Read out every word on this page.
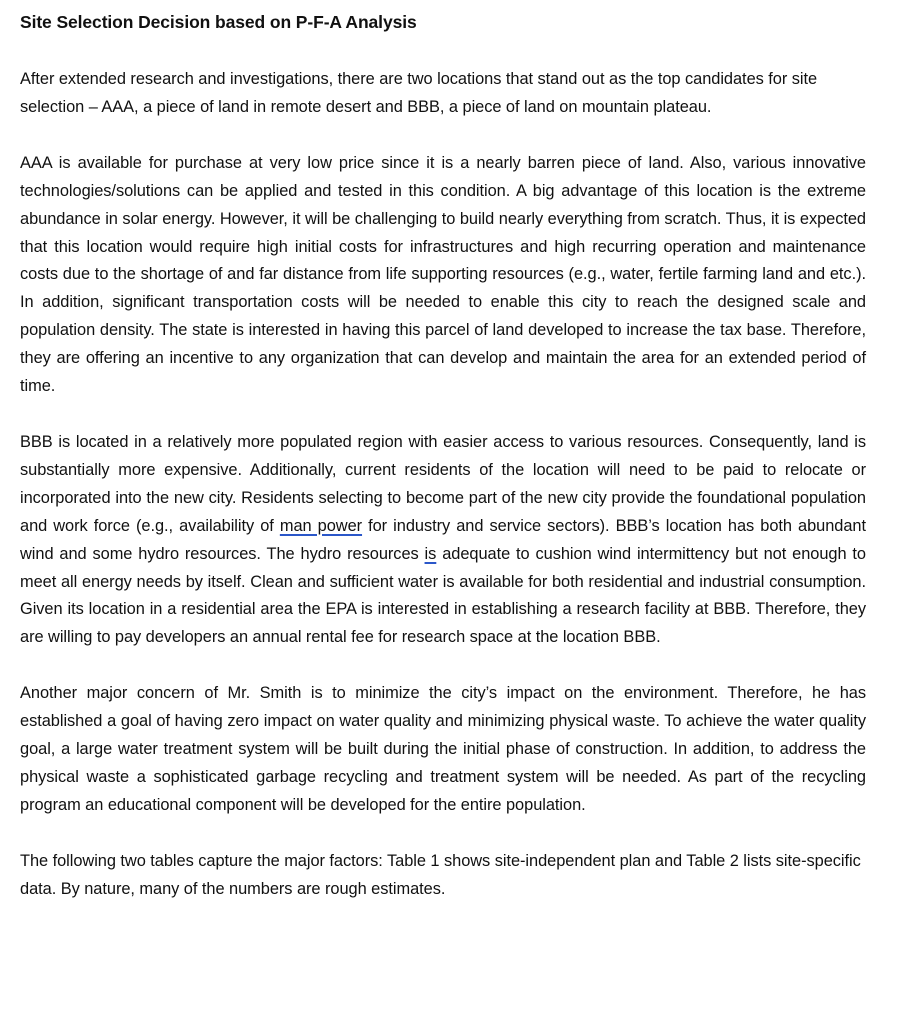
Site Selection Decision based on P-F-A Analysis

After extended research and investigations, there are two locations that stand out as the top candidates for site selection – AAA, a piece of land in remote desert and BBB, a piece of land on mountain plateau.

AAA is available for purchase at very low price since it is a nearly barren piece of land. Also, various innovative technologies/solutions can be applied and tested in this condition. A big advantage of this location is the extreme abundance in solar energy. However, it will be challenging to build nearly everything from scratch. Thus, it is expected that this location would require high initial costs for infrastructures and high recurring operation and maintenance costs due to the shortage of and far distance from life supporting resources (e.g., water, fertile farming land and etc.). In addition, significant transportation costs will be needed to enable this city to reach the designed scale and population density. The state is interested in having this parcel of land developed to increase the tax base. Therefore, they are offering an incentive to any organization that can develop and maintain the area for an extended period of time.

BBB is located in a relatively more populated region with easier access to various resources. Consequently, land is substantially more expensive. Additionally, current residents of the location will need to be paid to relocate or incorporated into the new city. Residents selecting to become part of the new city provide the foundational population and work force (e.g., availability of man power for industry and service sectors). BBB’s location has both abundant wind and some hydro resources. The hydro resources is adequate to cushion wind intermittency but not enough to meet all energy needs by itself. Clean and sufficient water is available for both residential and industrial consumption. Given its location in a residential area the EPA is interested in establishing a research facility at BBB. Therefore, they are willing to pay developers an annual rental fee for research space at the location BBB.

Another major concern of Mr. Smith is to minimize the city’s impact on the environment. Therefore, he has established a goal of having zero impact on water quality and minimizing physical waste. To achieve the water quality goal, a large water treatment system will be built during the initial phase of construction. In addition, to address the physical waste a sophisticated garbage recycling and treatment system will be needed. As part of the recycling program an educational component will be developed for the entire population.

The following two tables capture the major factors: Table 1 shows site-independent plan and Table 2 lists site-specific data. By nature, many of the numbers are rough estimates.
